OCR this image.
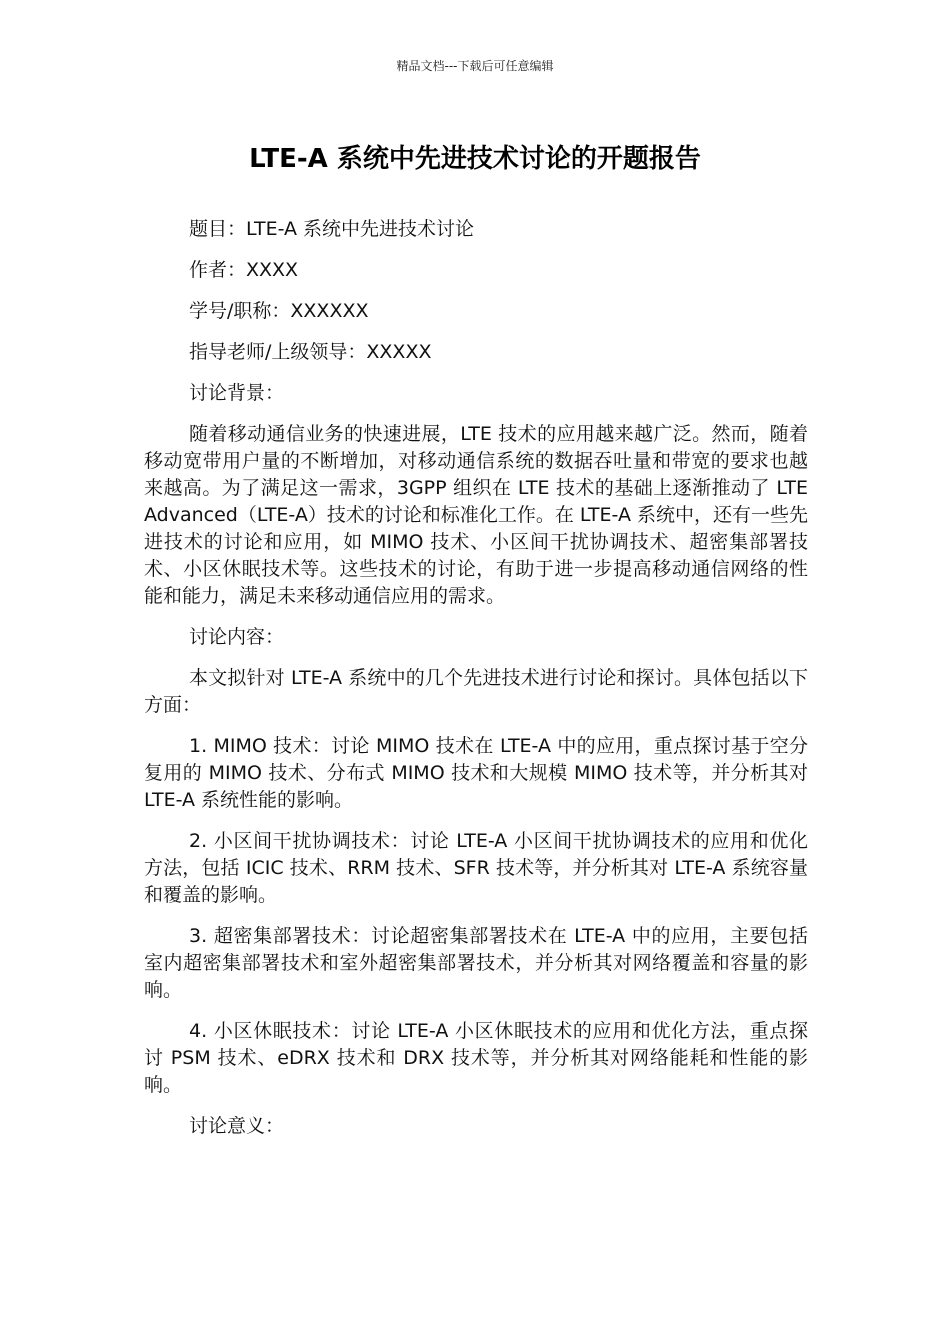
精品文档---下载后可任意编辑
LTE-A 系统中先进技术讨论的开题报告

题目：LTE-A 系统中先进技术讨论

作者：XXXX

学号/职称：XXXXXX

指导老师/上级领导：XXXXX

讨论背景：

随着移动通信业务的快速进展，LTE 技术的应用越来越广泛。然而，随着移动宽带用户量的不断增加，对移动通信系统的数据吞吐量和带宽的要求也越来越高。为了满足这一需求，3GPP 组织在 LTE 技术的基础上逐渐推动了 LTE Advanced（LTE-A）技术的讨论和标准化工作。在 LTE-A 系统中，还有一些先进技术的讨论和应用，如 MIMO 技术、小区间干扰协调技术、超密集部署技术、小区休眠技术等。这些技术的讨论，有助于进一步提高移动通信网络的性能和能力，满足未来移动通信应用的需求。

讨论内容：

本文拟针对 LTE-A 系统中的几个先进技术进行讨论和探讨。具体包括以下方面：

1. MIMO 技术：讨论 MIMO 技术在 LTE-A 中的应用，重点探讨基于空分复用的 MIMO 技术、分布式 MIMO 技术和大规模 MIMO 技术等，并分析其对 LTE-A 系统性能的影响。

2. 小区间干扰协调技术：讨论 LTE-A 小区间干扰协调技术的应用和优化方法，包括 ICIC 技术、RRM 技术、SFR 技术等，并分析其对 LTE-A 系统容量和覆盖的影响。

3. 超密集部署技术：讨论超密集部署技术在 LTE-A 中的应用，主要包括室内超密集部署技术和室外超密集部署技术，并分析其对网络覆盖和容量的影响。

4. 小区休眠技术：讨论 LTE-A 小区休眠技术的应用和优化方法，重点探讨 PSM 技术、eDRX 技术和 DRX 技术等，并分析其对网络能耗和性能的影响。

讨论意义：
